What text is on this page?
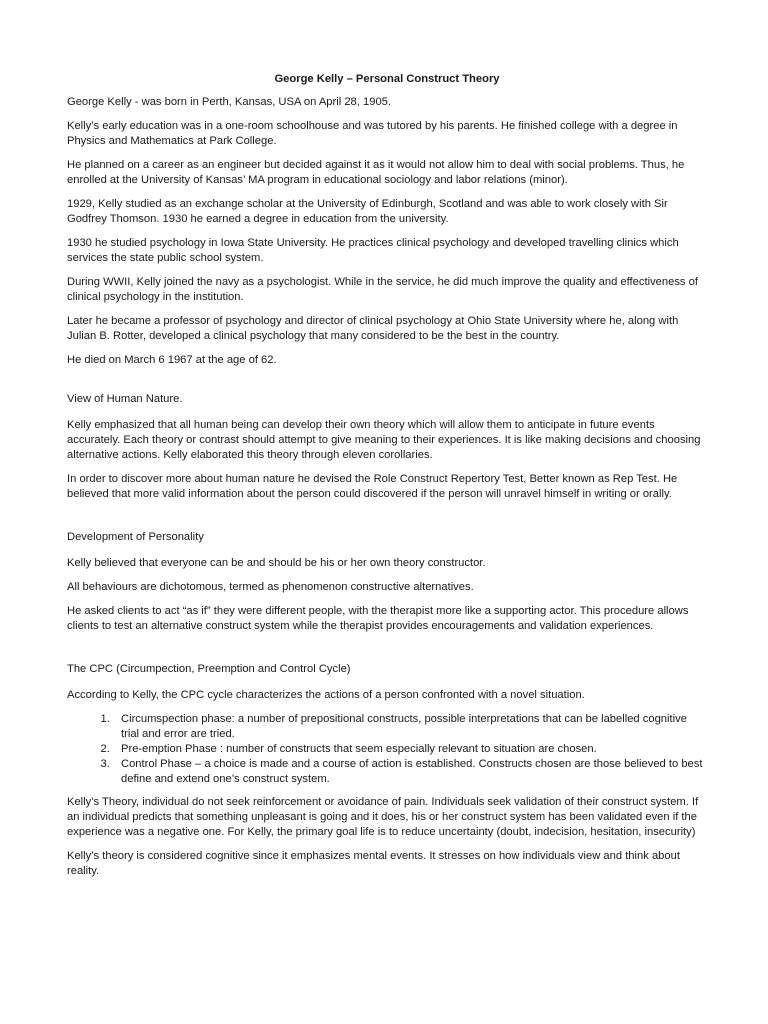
George Kelly – Personal Construct Theory

George Kelly - was born in Perth, Kansas, USA on April 28, 1905.

Kelly’s early education was in a one-room schoolhouse and was tutored by his parents. He finished college with a degree in Physics and Mathematics at Park College.

He planned on a career as an engineer but decided against it as it would not allow him to deal with social problems. Thus, he enrolled at the University of Kansas’ MA program in educational sociology and labor relations (minor).

1929, Kelly studied as an exchange scholar at the University of Edinburgh, Scotland and was able to work closely with Sir Godfrey Thomson. 1930 he earned a degree in education from the university.

1930 he studied psychology in Iowa State University. He practices clinical psychology and developed travelling clinics which services the state public school system.

During WWII, Kelly joined the navy as a psychologist. While in the service, he did much improve the quality and effectiveness of clinical psychology in the institution.

Later he became a professor of psychology and director of clinical psychology at Ohio State University where he, along with Julian B. Rotter, developed a clinical psychology that many considered to be the best in the country.

He died on March 6 1967 at the age of 62.

View of Human Nature.

Kelly emphasized that all human being can develop their own theory which will allow them to anticipate in future events accurately. Each theory or contrast should attempt to give meaning to their experiences. It is like making decisions and choosing alternative actions. Kelly elaborated this theory through eleven corollaries.

In order to discover more about human nature he devised the Role Construct Repertory Test, Better known as Rep Test. He believed that more valid information about the person could discovered if the person will unravel himself in writing or orally.

Development of Personality

Kelly believed that everyone can be and should be his or her own theory constructor.

All behaviours are dichotomous, termed as phenomenon constructive alternatives.

He asked clients to act “as if” they were different people, with the therapist more like a supporting actor. This procedure allows clients to test an alternative construct system while the therapist provides encouragements and validation experiences.

The CPC (Circumpection, Preemption and Control Cycle)

According to Kelly, the CPC cycle characterizes the actions of a person confronted with a novel situation.

1. Circumspection phase: a number of prepositional constructs, possible interpretations that can be labelled cognitive trial and error are tried.
2. Pre-emption Phase : number of constructs that seem especially relevant to situation are chosen.
3. Control Phase – a choice is made and a course of action is established. Constructs chosen are those believed to best define and extend one’s construct system.

Kelly’s Theory, individual do not seek reinforcement or avoidance of pain. Individuals seek validation of their construct system. If an individual predicts that something unpleasant is going and it does, his or her construct system has been validated even if the experience was a negative one. For Kelly, the primary goal life is to reduce uncertainty (doubt, indecision, hesitation, insecurity)

Kelly’s theory is considered cognitive since it emphasizes mental events. It stresses on how individuals view and think about reality.
